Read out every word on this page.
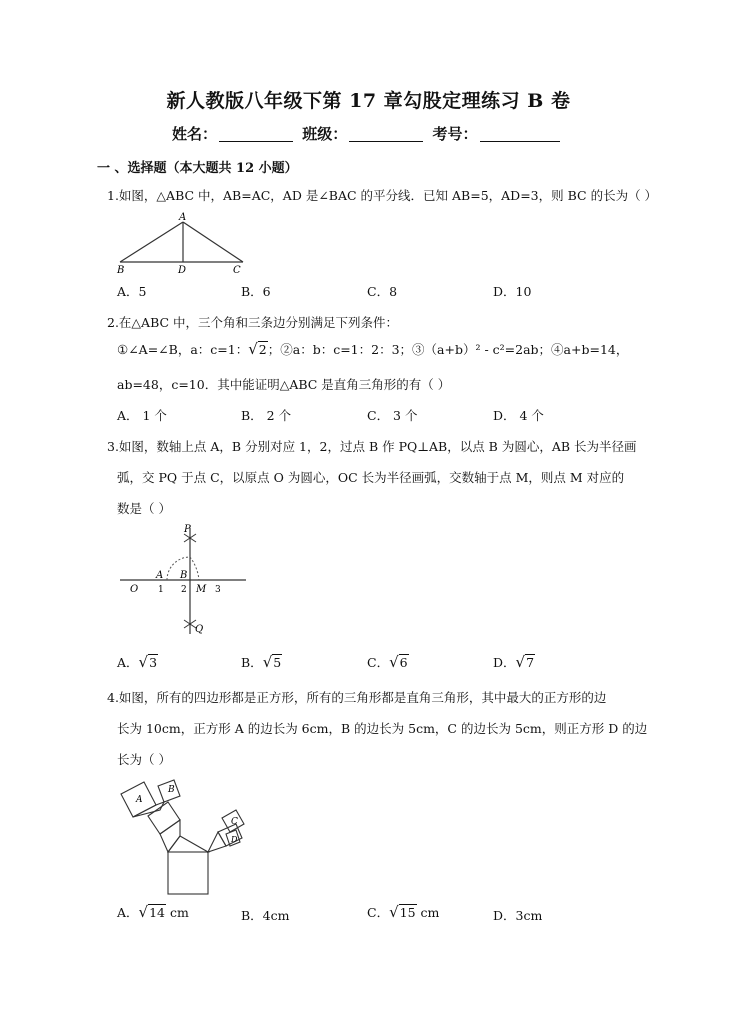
新人教版八年级下第 17 章勾股定理练习 B 卷
姓名：	班级：	考号：
一 、选择题（本大题共 12 小题）
1.如图，△ABC 中，AB=AC，AD 是∠BAC 的平分线．已知 AB=5，AD=3，则 BC 的长为（ ）
A
B	D	C
A．5	B．6	C．8	D．10
2.在△ABC 中，三个角和三条边分别满足下列条件：
①∠A=∠B，a：c=1：√2；②a：b：c=1：2：3；③（a+b）² - c²=2ab；④a+b=14，
ab=48，c=10．其中能证明△ABC 是直角三角形的有（ ）
A． 1 个	B． 2 个	C． 3 个	D． 4 个
3.如图，数轴上点 A，B 分别对应 1，2，过点 B 作 PQ⊥AB，以点 B 为圆心，AB 长为半径画
弧，交 PQ 于点 C，以原点 O 为圆心，OC 长为半径画弧，交数轴于点 M，则点 M 对应的
数是（ ）
P
Q
O
A B
M
1 2	3
A．√3	B．√5	C．√6	D．√7
4.如图，所有的四边形都是正方形，所有的三角形都是直角三角形，其中最大的正方形的边
长为 10cm，正方形 A 的边长为 6cm，B 的边长为 5cm，C 的边长为 5cm，则正方形 D 的边
长为（ ）
A
B
C
D
A．√14 cm	B．4cm	C．√15 cm	D．3cm
